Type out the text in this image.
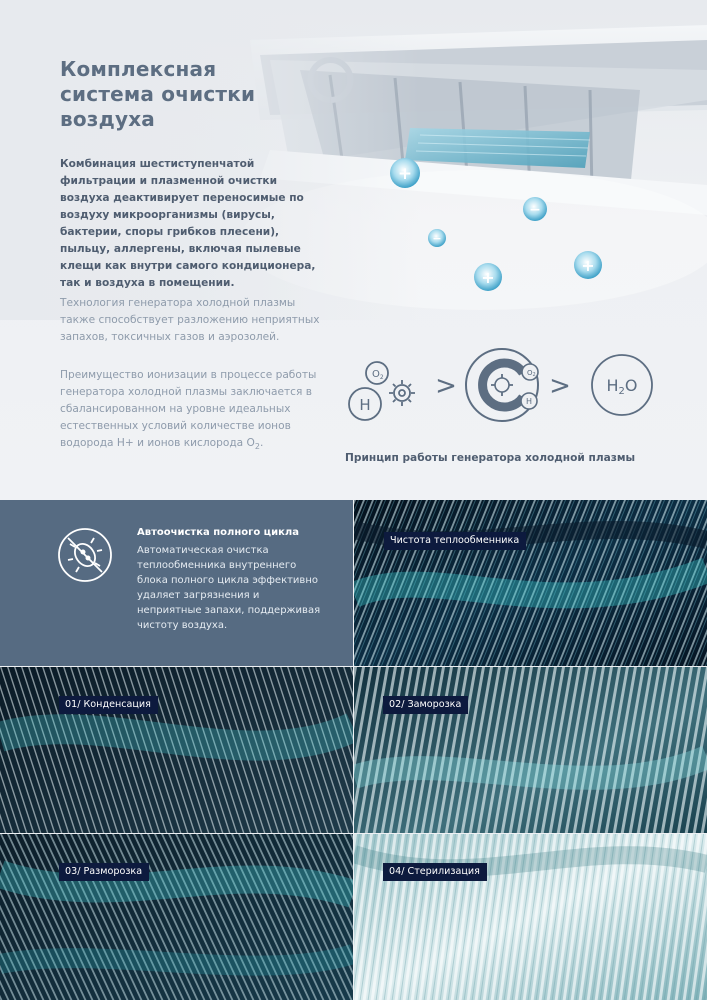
+
−
−
+
+
Комплексная
система очистки
воздуха

Комбинация шестиступенчатой фильтрации и плазменной очистки воздуха деактивирует переносимые по воздуху микроорганизмы (вирусы, бактерии, споры грибков плесени), пыльцу, аллергены, включая пылевые клещи как внутри самого кондиционера, так и воздуха в помещении.

Технология генератора холодной плазмы также способствует разложению неприятных запахов, токсичных газов и аэрозолей.

Преимущество ионизации в процессе работы генератора холодной плазмы заключается в сбалансированном на уровне идеальных естественных условий количестве ионов водорода H+ и ионов кислорода $O_2$.

$O_2$
H
>	>
O2
H
H2O

Принцип работы генератора холодной плазмы

Автоочистка полного цикла

Автоматическая очистка теплообменника внутреннего блока полного цикла эффективно удаляет загрязнения и неприятные запахи, поддерживая чистоту воздуха.

Чистота теплообменника
01/ Конденсация	02/ Заморозка
03/ Разморозка	04/ Стерилизация
